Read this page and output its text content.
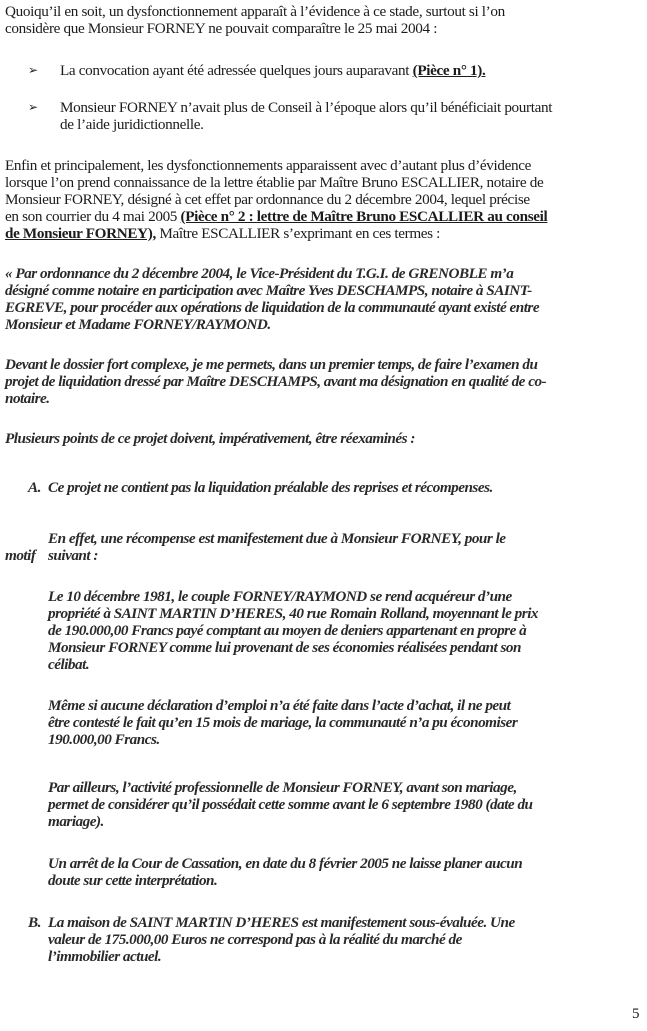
Quoiqu’il en soit, un dysfonctionnement apparaît à l’évidence à ce stade, surtout si l’on
considère que Monsieur FORNEY ne pouvait comparaître le 25 mai 2004 :
➢ La convocation ayant été adressée quelques jours auparavant (Pièce n° 1).
➢ Monsieur FORNEY n’avait plus de Conseil à l’époque alors qu’il bénéficiait pourtant
de l’aide juridictionnelle.
Enfin et principalement, les dysfonctionnements apparaissent avec d’autant plus d’évidence
lorsque l’on prend connaissance de la lettre établie par Maître Bruno ESCALLIER, notaire de
Monsieur FORNEY, désigné à cet effet par ordonnance du 2 décembre 2004, lequel précise
en son courrier du 4 mai 2005 (Pièce n° 2 : lettre de Maître Bruno ESCALLIER au conseil
de Monsieur FORNEY), Maître ESCALLIER s’exprimant en ces termes :
« Par ordonnance du 2 décembre 2004, le Vice-Président du T.G.I. de GRENOBLE m’a
désigné comme notaire en participation avec Maître Yves DESCHAMPS, notaire à SAINT-
EGREVE, pour procéder aux opérations de liquidation de la communauté ayant existé entre
Monsieur et Madame FORNEY/RAYMOND.
Devant le dossier fort complexe, je me permets, dans un premier temps, de faire l’examen du
projet de liquidation dressé par Maître DESCHAMPS, avant ma désignation en qualité de co-
notaire.
Plusieurs points de ce projet doivent, impérativement, être réexaminés :
A. Ce projet ne contient pas la liquidation préalable des reprises et récompenses.
En effet, une récompense est manifestement due à Monsieur FORNEY, pour le
motif suivant :
Le 10 décembre 1981, le couple FORNEY/RAYMOND se rend acquéreur d’une
propriété à SAINT MARTIN D’HERES, 40 rue Romain Rolland, moyennant le prix
de 190.000,00 Francs payé comptant au moyen de deniers appartenant en propre à
Monsieur FORNEY comme lui provenant de ses économies réalisées pendant son
célibat.
Même si aucune déclaration d’emploi n’a été faite dans l’acte d’achat, il ne peut
être contesté le fait qu’en 15 mois de mariage, la communauté n’a pu économiser
190.000,00 Francs.
Par ailleurs, l’activité professionnelle de Monsieur FORNEY, avant son mariage,
permet de considérer qu’il possédait cette somme avant le 6 septembre 1980 (date du
mariage).
Un arrêt de la Cour de Cassation, en date du 8 février 2005 ne laisse planer aucun
doute sur cette interprétation.
B. La maison de SAINT MARTIN D’HERES est manifestement sous-évaluée. Une
valeur de 175.000,00 Euros ne correspond pas à la réalité du marché de
l’immobilier actuel.
5
